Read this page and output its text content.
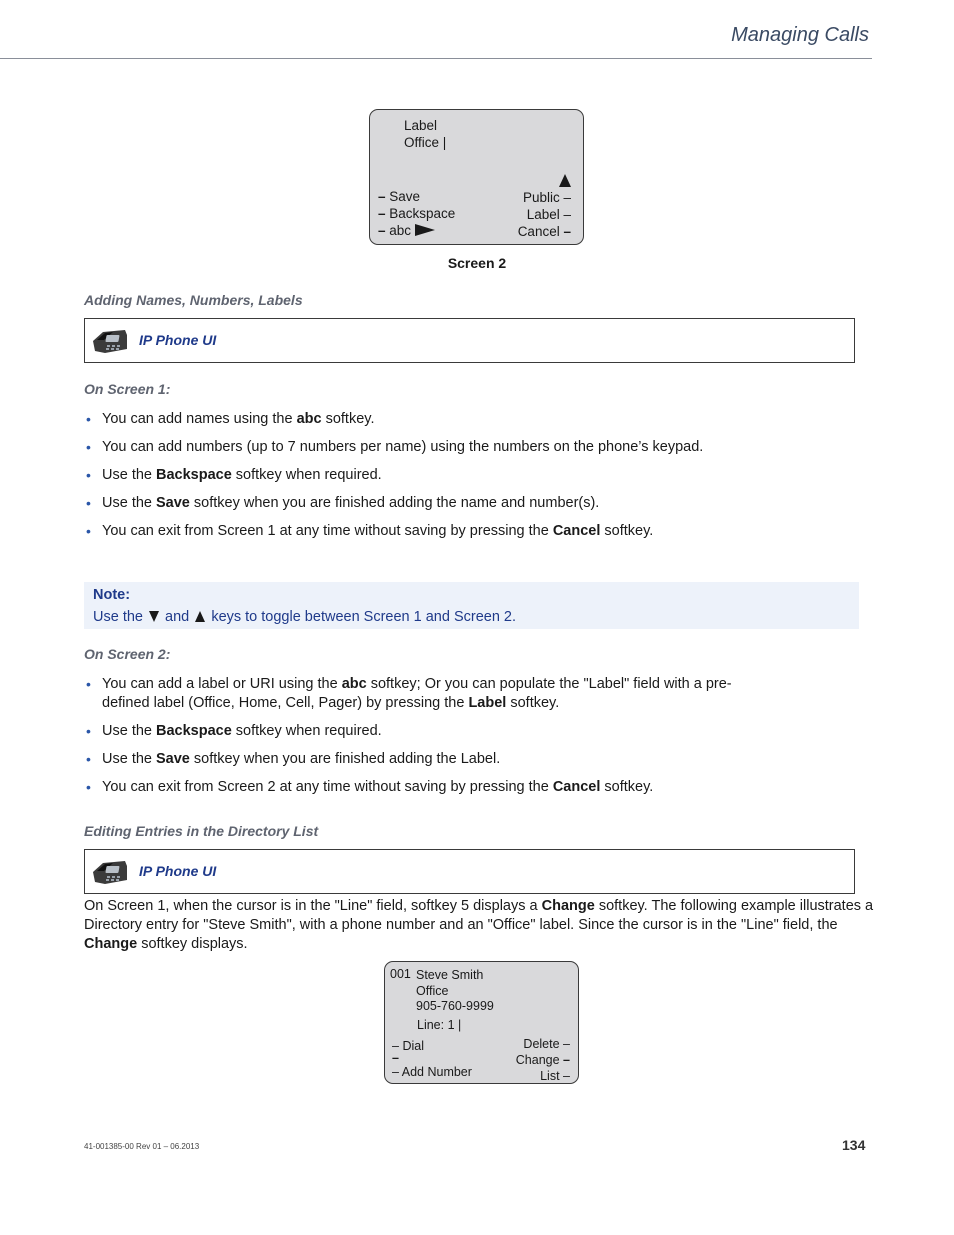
Managing Calls
Label
Office |
– Save
– Backspace
– abc
Public –
Label –
Cancel –
Screen 2
Adding Names, Numbers, Labels
IP Phone UI
On Screen 1:
• You can add names using the abc softkey.
• You can add numbers (up to 7 numbers per name) using the numbers on the phone’s keypad.
• Use the Backspace softkey when required.
• Use the Save softkey when you are finished adding the name and number(s).
• You can exit from Screen 1 at any time without saving by pressing the Cancel softkey.
Note:
Use the and keys to toggle between Screen 1 and Screen 2.
On Screen 2:
• You can add a label or URI using the abc softkey; Or you can populate the "Label" field with a pre-
defined label (Office, Home, Cell, Pager) by pressing the Label softkey.
• Use the Backspace softkey when required.
• Use the Save softkey when you are finished adding the Label.
• You can exit from Screen 2 at any time without saving by pressing the Cancel softkey.
Editing Entries in the Directory List
IP Phone UI
On Screen 1, when the cursor is in the "Line" field, softkey 5 displays a Change softkey. The following example illustrates a Directory entry for "Steve Smith", with a phone number and an "Office" label. Since the cursor is in the "Line" field, the Change softkey displays.
001 Steve Smith
Office
905-760-9999
Line: 1 |
– Dial
–
– Add Number
Delete –
Change –
List –
41-001385-00 Rev 01 – 06.2013	134
